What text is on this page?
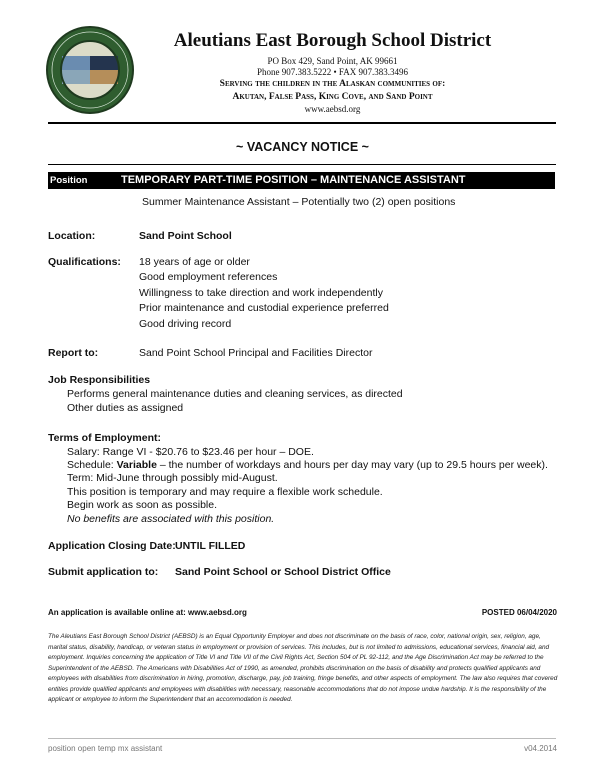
Aleutians East Borough School District
PO Box 429, Sand Point, AK 99661
Phone 907.383.5222 • FAX 907.383.3496
Serving the children in the Alaskan communities of:
Akutan, False Pass, King Cove, and Sand Point
www.aebsd.org
~ VACANCY NOTICE ~
Position	TEMPORARY PART-TIME POSITION – MAINTENANCE ASSISTANT
Summer Maintenance Assistant – Potentially two (2) open positions
Location:	Sand Point School
Qualifications: 18 years of age or older
Good employment references
Willingness to take direction and work independently
Prior maintenance and custodial experience preferred
Good driving record
Report to:	Sand Point School Principal and Facilities Director
Job Responsibilities
Performs general maintenance duties and cleaning services, as directed
Other duties as assigned
Terms of Employment:
Salary: Range VI - $20.76 to $23.46 per hour – DOE.
Schedule: Variable – the number of workdays and hours per day may vary (up to 29.5 hours per week).
Term: Mid-June through possibly mid-August.
This position is temporary and may require a flexible work schedule.
Begin work as soon as possible.
No benefits are associated with this position.
Application Closing Date: UNTIL FILLED
Submit application to: Sand Point School or School District Office
An application is available online at: www.aebsd.org	POSTED 06/04/2020
The Aleutians East Borough School District (AEBSD) is an Equal Opportunity Employer and does not discriminate on the basis of race, color, national origin, sex, religion, age, marital status, disability, handicap, or veteran status in employment or provision of services. This includes, but is not limited to admissions, educational services, financial aid, and employment. Inquiries concerning the application of Title VI and Title VII of the Civil Rights Act, Section 504 of PL 92-112, and the Age Discrimination Act may be referred to the Superintendent of the AEBSD. The Americans with Disabilities Act of 1990, as amended, prohibits discrimination on the basis of disability and protects qualified applicants and employees with disabilities from discrimination in hiring, promotion, discharge, pay, job training, fringe benefits, and other aspects of employment. The law also requires that covered entities provide qualified applicants and employees with disabilities with necessary, reasonable accommodations that do not impose undue hardship. It is the responsibility of the applicant or employee to inform the Superintendent that an accommodation is needed.
position open temp mx assistant	v04.2014
